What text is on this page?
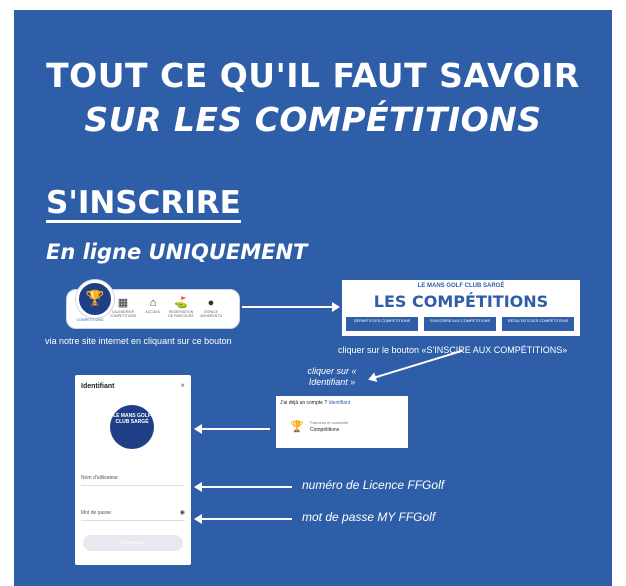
TOUT CE QU'IL FAUT SAVOIR
SUR LES COMPÉTITIONS
S'INSCRIRE
En ligne UNIQUEMENT
🏆
COMPETITIONS
▦
CALENDRIER COMPETITIONS
⌂
ACCUEIL
⛳
RESERVATION DE PARCOURS
●
ESPACE ADHERENTS
via notre site internet en cliquant sur ce bouton
LE MANS GOLF CLUB SARGÉ
LES COMPÉTITIONS
DÉPARTS DES COMPÉTITIONS	S'INSCRIRE AUX COMPÉTITIONS	RÉSULTATS DES COMPÉTITIONS
cliquer sur le bouton «S'INSCIRE AUX COMPÉTITIONS»
cliquer sur « Identifiant »
J'ai déjà un compte ? Identifiant
🏆 Parcours et connaître
Compétitions
Identifiant	×
LE MANS GOLF CLUB SARGÉ
Nom d'utilisateur
Mot de passe	◉
Connexion
numéro de Licence FFGolf
mot de passe MY FFGolf
